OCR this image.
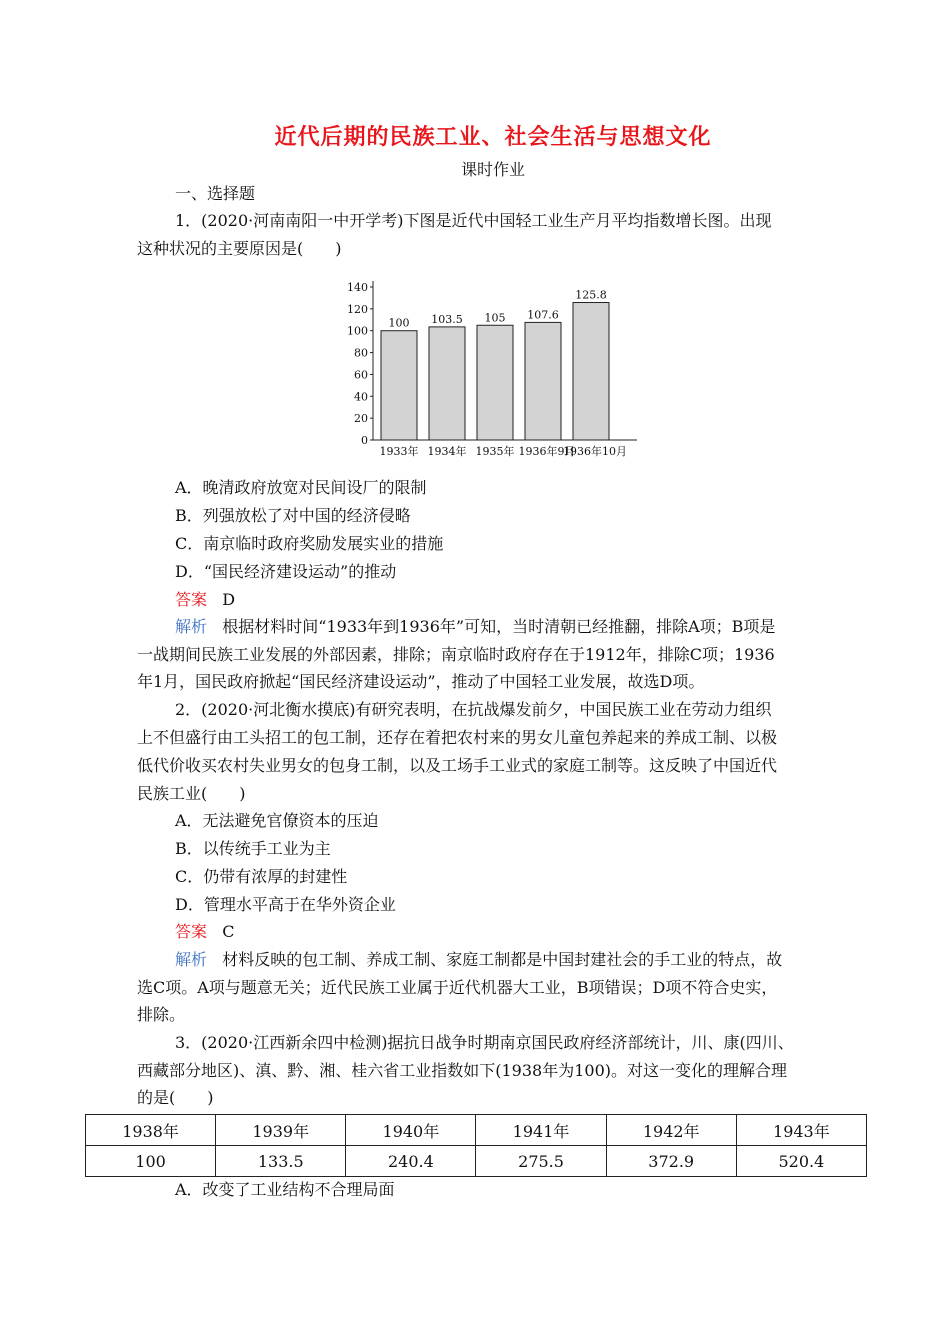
近代后期的民族工业、社会生活与思想文化
课时作业
一、选择题
1．(2020·河南南阳一中开学考)下图是近代中国轻工业生产月平均指数增长图。出现
这种状况的主要原因是(　　)
0
20
40
60
80
100
120
140
100
1933年
103.5
1934年
105
1935年
107.6
1936年9月
125.8
1936年10月
A．晚清政府放宽对民间设厂的限制
B．列强放松了对中国的经济侵略
C．南京临时政府奖励发展实业的措施
D．“国民经济建设运动”的推动
答案 D
解析 根据材料时间“1933年到1936年”可知，当时清朝已经推翻，排除A项；B项是
一战期间民族工业发展的外部因素，排除；南京临时政府存在于1912年，排除C项；1936
年1月，国民政府掀起“国民经济建设运动”，推动了中国轻工业发展，故选D项。
2．(2020·河北衡水摸底)有研究表明，在抗战爆发前夕，中国民族工业在劳动力组织
上不但盛行由工头招工的包工制，还存在着把农村来的男女儿童包养起来的养成工制、以极
低代价收买农村失业男女的包身工制，以及工场手工业式的家庭工制等。这反映了中国近代
民族工业(　　)
A．无法避免官僚资本的压迫
B．以传统手工业为主
C．仍带有浓厚的封建性
D．管理水平高于在华外资企业
答案 C
解析 材料反映的包工制、养成工制、家庭工制都是中国封建社会的手工业的特点，故
选C项。A项与题意无关；近代民族工业属于近代机器大工业，B项错误；D项不符合史实，
排除。
3．(2020·江西新余四中检测)据抗日战争时期南京国民政府经济部统计，川、康(四川、
西藏部分地区)、滇、黔、湘、桂六省工业指数如下(1938年为100)。对这一变化的理解合理
的是(　　)
1938年	1939年	1940年	1941年	1942年	1943年
100	133.5	240.4	275.5	372.9	520.4
A．改变了工业结构不合理局面
